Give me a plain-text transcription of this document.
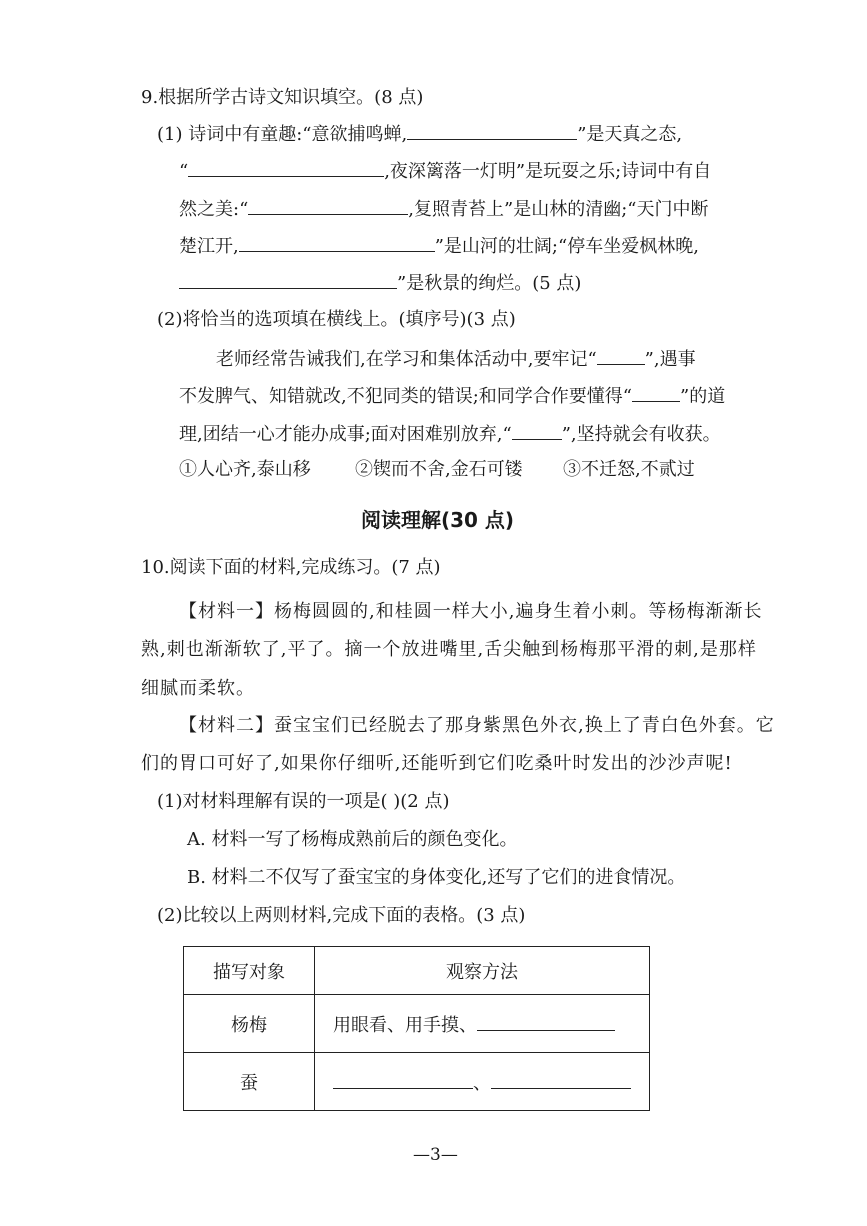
9.根据所学古诗文知识填空。(8 点)
(1) 诗词中有童趣:“意欲捕鸣蝉,	”是天真之态,
“	,夜深篱落一灯明”是玩耍之乐;诗词中有自
然之美:“	,复照青苔上”是山林的清幽;“天门中断
楚江开,	”是山河的壮阔;“停车坐爱枫林晚,
”是秋景的绚烂。(5 点)
(2)将恰当的选项填在横线上。(填序号)(3 点)
老师经常告诫我们,在学习和集体活动中,要牢记“	”,遇事
不发脾气、知错就改,不犯同类的错误;和同学合作要懂得“	”的道
理,团结一心才能办成事;面对困难别放弃,“	”,坚持就会有收获。
①人心齐,泰山移 ②锲而不舍,金石可镂 ③不迁怒,不贰过
阅读理解(30 点)
10.阅读下面的材料,完成练习。(7 点)
【材料一】杨梅圆圆的,和桂圆一样大小,遍身生着小刺。等杨梅渐渐长
熟,刺也渐渐软了,平了。摘一个放进嘴里,舌尖触到杨梅那平滑的刺,是那样
细腻而柔软。
【材料二】蚕宝宝们已经脱去了那身紫黑色外衣,换上了青白色外套。它
们的胃口可好了,如果你仔细听,还能听到它们吃桑叶时发出的沙沙声呢!
(1)对材料理解有误的一项是( )(2 点)
A. 材料一写了杨梅成熟前后的颜色变化。
B. 材料二不仅写了蚕宝宝的身体变化,还写了它们的进食情况。
(2)比较以上两则材料,完成下面的表格。(3 点)
描写对象	观察方法
杨梅	用眼看、用手摸、
蚕	、
—3—
